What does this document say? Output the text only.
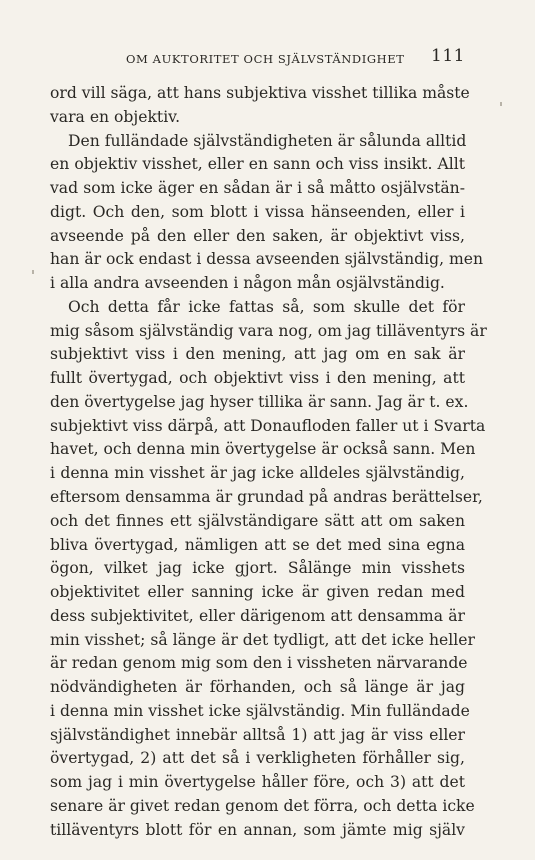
OM AUKTORITET OCH SJÄLVSTÄNDIGHET 111
ord vill säga, att hans subjektiva visshet tillika måste
vara en objektiv.
Den fulländade självständigheten är sålunda alltid
en objektiv visshet, eller en sann och viss insikt. Allt
vad som icke äger en sådan är i så måtto osjälvstän-
digt. Och den, som blott i vissa hänseenden, eller i
avseende på den eller den saken, är objektivt viss,
han är ock endast i dessa avseenden självständig, men
i alla andra avseenden i någon mån osjälvständig.
Och detta får icke fattas så, som skulle det för
mig såsom självständig vara nog, om jag tilläventyrs är
subjektivt viss i den mening, att jag om en sak är
fullt övertygad, och objektivt viss i den mening, att
den övertygelse jag hyser tillika är sann. Jag är t. ex.
subjektivt viss därpå, att Donaufloden faller ut i Svarta
havet, och denna min övertygelse är också sann. Men
i denna min visshet är jag icke alldeles självständig,
eftersom densamma är grundad på andras berättelser,
och det finnes ett självständigare sätt att om saken
bliva övertygad, nämligen att se det med sina egna
ögon, vilket jag icke gjort. Sålänge min visshets
objektivitet eller sanning icke är given redan med
dess subjektivitet, eller därigenom att densamma är
min visshet; så länge är det tydligt, att det icke heller
är redan genom mig som den i vissheten närvarande
nödvändigheten är förhanden, och så länge är jag
i denna min visshet icke självständig. Min fulländade
självständighet innebär alltså 1) att jag är viss eller
övertygad, 2) att det så i verkligheten förhåller sig,
som jag i min övertygelse håller före, och 3) att det
senare är givet redan genom det förra, och detta icke
tilläventyrs blott för en annan, som jämte mig själv
